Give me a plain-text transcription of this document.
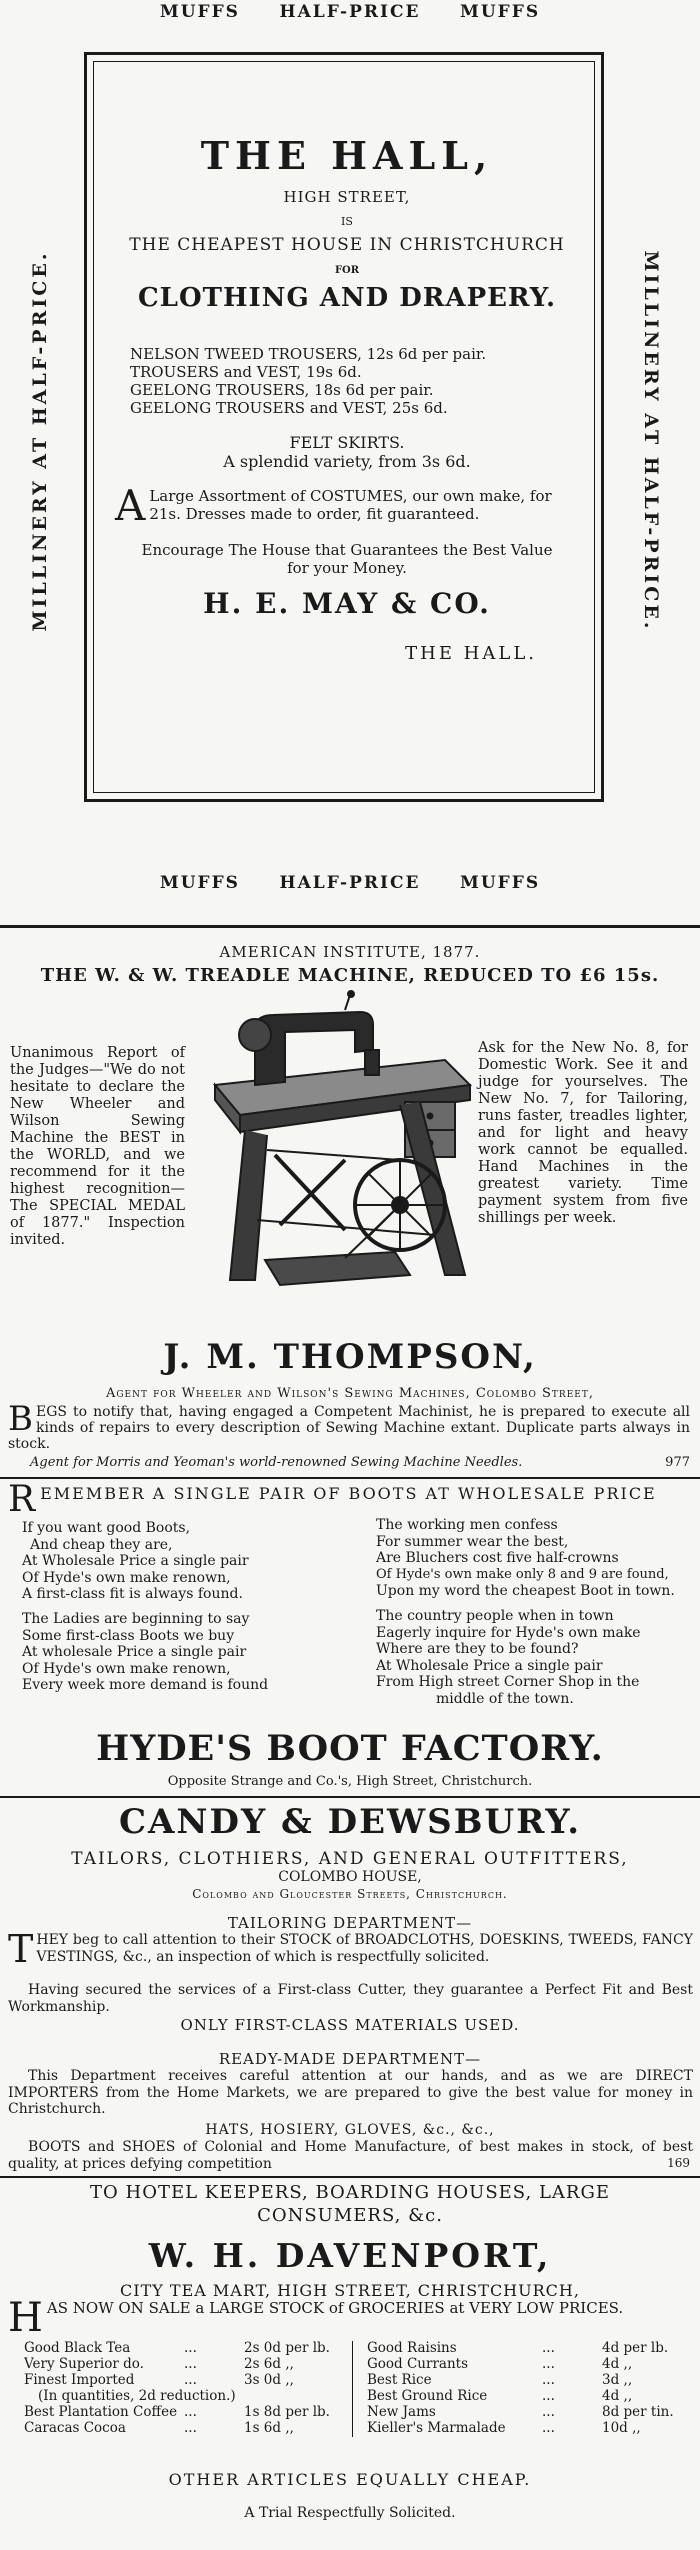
MUFFS     HALF-PRICE     MUFFS
MILLINERY AT HALF-PRICE.	MILLINERY AT HALF-PRICE.
THE HALL,
HIGH STREET,
IS
THE CHEAPEST HOUSE IN CHRISTCHURCH
FOR
CLOTHING AND DRAPERY.
NELSON TWEED TROUSERS, 12s 6d per pair.
TROUSERS and VEST, 19s 6d.
GEELONG TROUSERS, 18s 6d per pair.
GEELONG TROUSERS and VEST, 25s 6d.
FELT SKIRTS.
A splendid variety, from 3s 6d.
A Large Assortment of COSTUMES, our own make, for 21s. Dresses made to order, fit guaranteed.
Encourage The House that Guarantees the Best Value
for your Money.
H. E. MAY & CO.
THE HALL.
MUFFS     HALF-PRICE     MUFFS
AMERICAN INSTITUTE, 1877.
THE W. & W. TREADLE MACHINE, REDUCED TO £6 15s.
Unanimous Report of the Judges—"We do not hesitate to declare the New Wheeler and Wilson Sewing Machine the BEST in the WORLD, and we recommend for it the highest recognition—The SPECIAL MEDAL of 1877." Inspection invited.
Ask for the New No. 8, for Domestic Work. See it and judge for yourselves. The New No. 7, for Tailoring, runs faster, treadles lighter, and for light and heavy work cannot be equalled. Hand Machines in the greatest variety. Time payment system from five shillings per week.
J. M. THOMPSON,
Agent for Wheeler and Wilson's Sewing Machines, Colombo Street,
B EGS to notify that, having engaged a Competent Machinist, he is prepared to execute all kinds of repairs to every description of Sewing Machine extant. Duplicate parts always in stock.
Agent for Morris and Yeoman's world-renowned Sewing Machine Needles.	977
R EMEMBER A SINGLE PAIR OF BOOTS AT WHOLESALE PRICE
If you want good Boots,
And cheap they are,
At Wholesale Price a single pair
Of Hyde's own make renown,
A first-class fit is always found.
The Ladies are beginning to say
Some first-class Boots we buy
At wholesale Price a single pair
Of Hyde's own make renown,
Every week more demand is found
The working men confess
For summer wear the best,
Are Bluchers cost five half-crowns
Of Hyde's own make only 8 and 9 are found,
Upon my word the cheapest Boot in town.
The country people when in town
Eagerly inquire for Hyde's own make
Where are they to be found?
At Wholesale Price a single pair
From High street Corner Shop in the
middle of the town.
HYDE'S BOOT FACTORY.
Opposite Strange and Co.'s, High Street, Christchurch.
CANDY & DEWSBURY.
TAILORS, CLOTHIERS, AND GENERAL OUTFITTERS,
COLOMBO HOUSE,
Colombo and Gloucester Streets, Christchurch.
TAILORING DEPARTMENT—
T HEY beg to call attention to their STOCK of BROADCLOTHS, DOESKINS, TWEEDS, FANCY VESTINGS, &c., an inspection of which is respectfully solicited.
Having secured the services of a First-class Cutter, they guarantee a Perfect Fit and Best Workmanship.
ONLY FIRST-CLASS MATERIALS USED.
READY-MADE DEPARTMENT—
This Department receives careful attention at our hands, and as we are DIRECT IMPORTERS from the Home Markets, we are prepared to give the best value for money in Christchurch.
HATS, HOSIERY, GLOVES, &c., &c.,
BOOTS and SHOES of Colonial and Home Manufacture, of best makes in stock, of best quality, at prices defying competition	169
TO HOTEL KEEPERS, BOARDING HOUSES, LARGE
CONSUMERS, &c.
W. H. DAVENPORT,
CITY TEA MART, HIGH STREET, CHRISTCHURCH,
H AS NOW ON SALE a LARGE STOCK of GROCERIES at VERY LOW PRICES.
Good Black Tea	...	2s 0d per lb.
Very Superior do.	...	2s 6d ,,
Finest Imported	...	3s 0d ,,
(In quantities, 2d reduction.)
Best Plantation Coffee ...	1s 8d per lb.
Caracas Cocoa	...	1s 6d ,,
Good Raisins	...	4d per lb.
Good Currants	...	4d ,,
Best Rice	...	3d ,,
Best Ground Rice	...	4d ,,
New Jams	...	8d per tin.
Kieller's Marmalade	...	10d ,,
OTHER ARTICLES EQUALLY CHEAP.
A Trial Respectfully Solicited.
